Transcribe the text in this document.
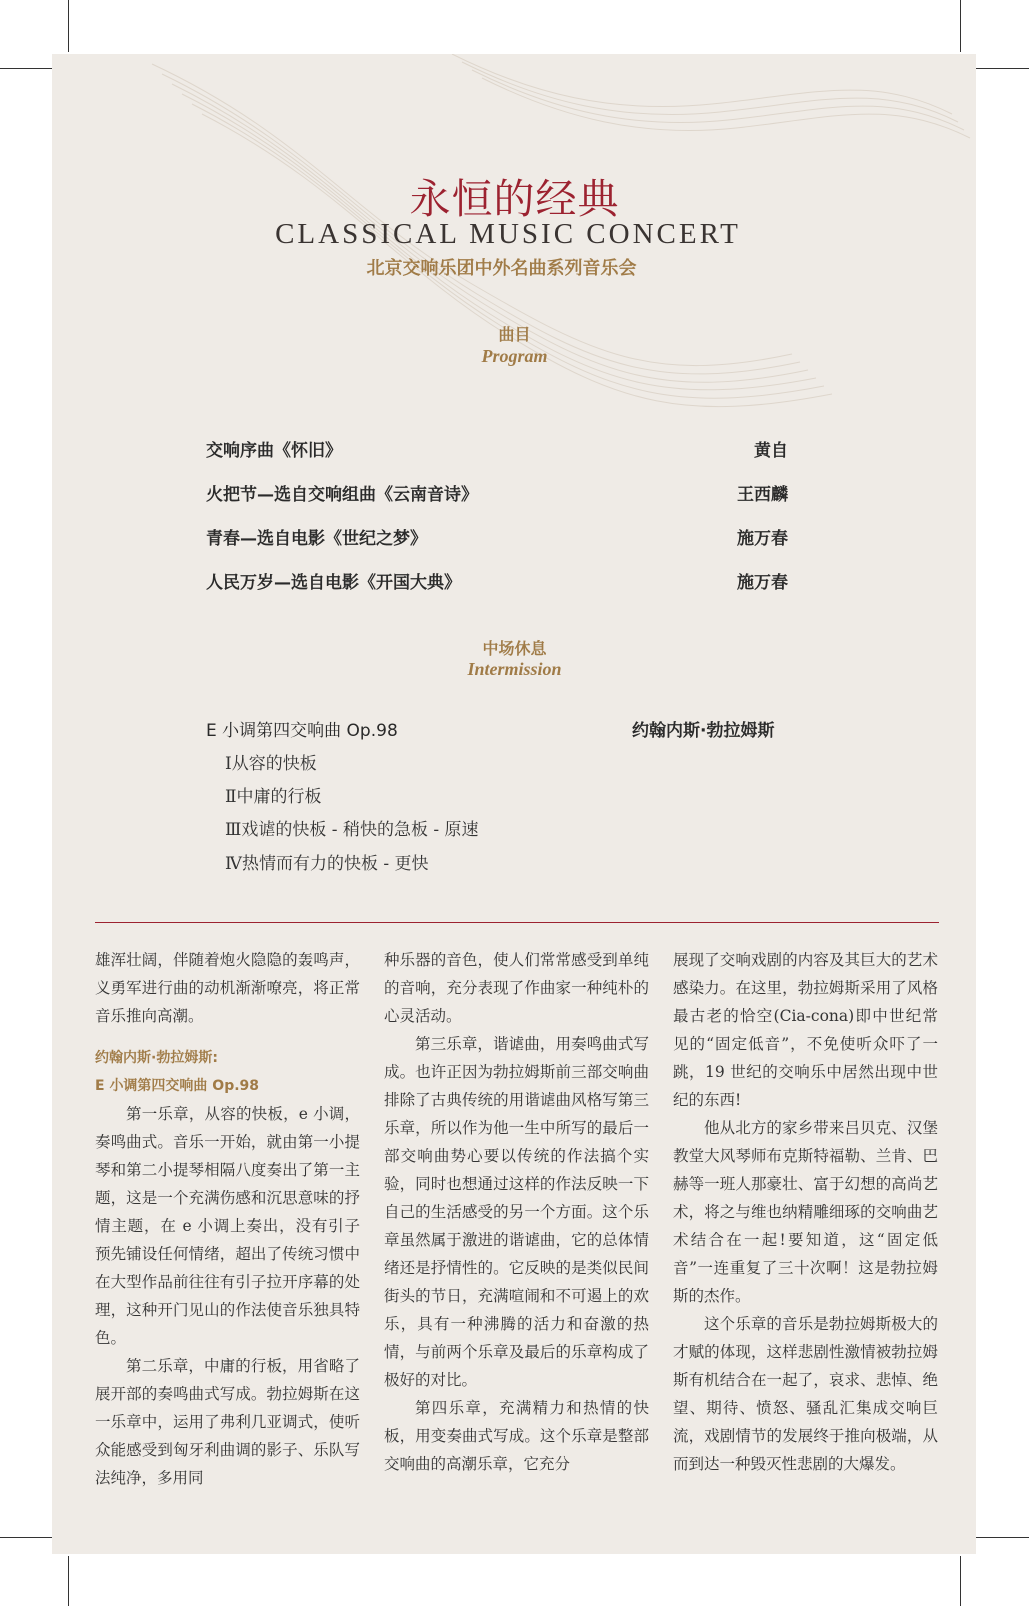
永恒的经典
CLASSICAL MUSIC CONCERT
北京交响乐团中外名曲系列音乐会
曲目
Program
交响序曲《怀旧》	黄自
火把节—选自交响组曲《云南音诗》	王西麟
青春—选自电影《世纪之梦》	施万春
人民万岁—选自电影《开国大典》	施万春
中场休息
Intermission
E 小调第四交响曲 Op.98	约翰内斯·勃拉姆斯
Ⅰ从容的快板
Ⅱ中庸的行板
Ⅲ戏谑的快板 - 稍快的急板 - 原速
Ⅳ热情而有力的快板 - 更快

雄浑壮阔，伴随着炮火隐隐的轰鸣声，义勇军进行曲的动机渐渐嘹亮，将正常音乐推向高潮。

约翰内斯·勃拉姆斯:

E 小调第四交响曲 Op.98

第一乐章，从容的快板，e 小调，奏鸣曲式。音乐一开始，就由第一小提琴和第二小提琴相隔八度奏出了第一主题，这是一个充满伤感和沉思意味的抒情主题，在 e 小调上奏出，没有引子预先铺设任何情绪，超出了传统习惯中在大型作品前往往有引子拉开序幕的处理，这种开门见山的作法使音乐独具特色。

第二乐章，中庸的行板，用省略了展开部的奏鸣曲式写成。勃拉姆斯在这一乐章中，运用了弗利几亚调式，使听众能感受到匈牙利曲调的影子、乐队写法纯净，多用同

种乐器的音色，使人们常常感受到单纯的音响，充分表现了作曲家一种纯朴的心灵活动。

第三乐章，谐谑曲，用奏鸣曲式写成。也许正因为勃拉姆斯前三部交响曲排除了古典传统的用谐谑曲风格写第三乐章，所以作为他一生中所写的最后一部交响曲势心要以传统的作法搞个实验，同时也想通过这样的作法反映一下自己的生活感受的另一个方面。这个乐章虽然属于激进的谐谑曲，它的总体情绪还是抒情性的。它反映的是类似民间街头的节日，充满喧闹和不可遏上的欢乐，具有一种沸腾的活力和奋激的热情，与前两个乐章及最后的乐章构成了极好的对比。

第四乐章，充满精力和热情的快板，用变奏曲式写成。这个乐章是整部交响曲的高潮乐章，它充分

展现了交响戏剧的内容及其巨大的艺术感染力。在这里，勃拉姆斯采用了风格最古老的恰空(Cia-cona)即中世纪常见的“固定低音”，不免使听众吓了一跳，19 世纪的交响乐中居然出现中世纪的东西!

他从北方的家乡带来吕贝克、汉堡教堂大风琴师布克斯特福勒、兰肯、巴赫等一班人那豪壮、富于幻想的高尚艺术，将之与维也纳精雕细琢的交响曲艺术结合在一起!要知道，这“固定低音”一连重复了三十次啊！这是勃拉姆斯的杰作。

这个乐章的音乐是勃拉姆斯极大的才赋的体现，这样悲剧性激情被勃拉姆斯有机结合在一起了，哀求、悲悼、绝望、期待、愤怒、骚乱汇集成交响巨流，戏剧情节的发展终于推向极端，从而到达一种毁灭性悲剧的大爆发。
